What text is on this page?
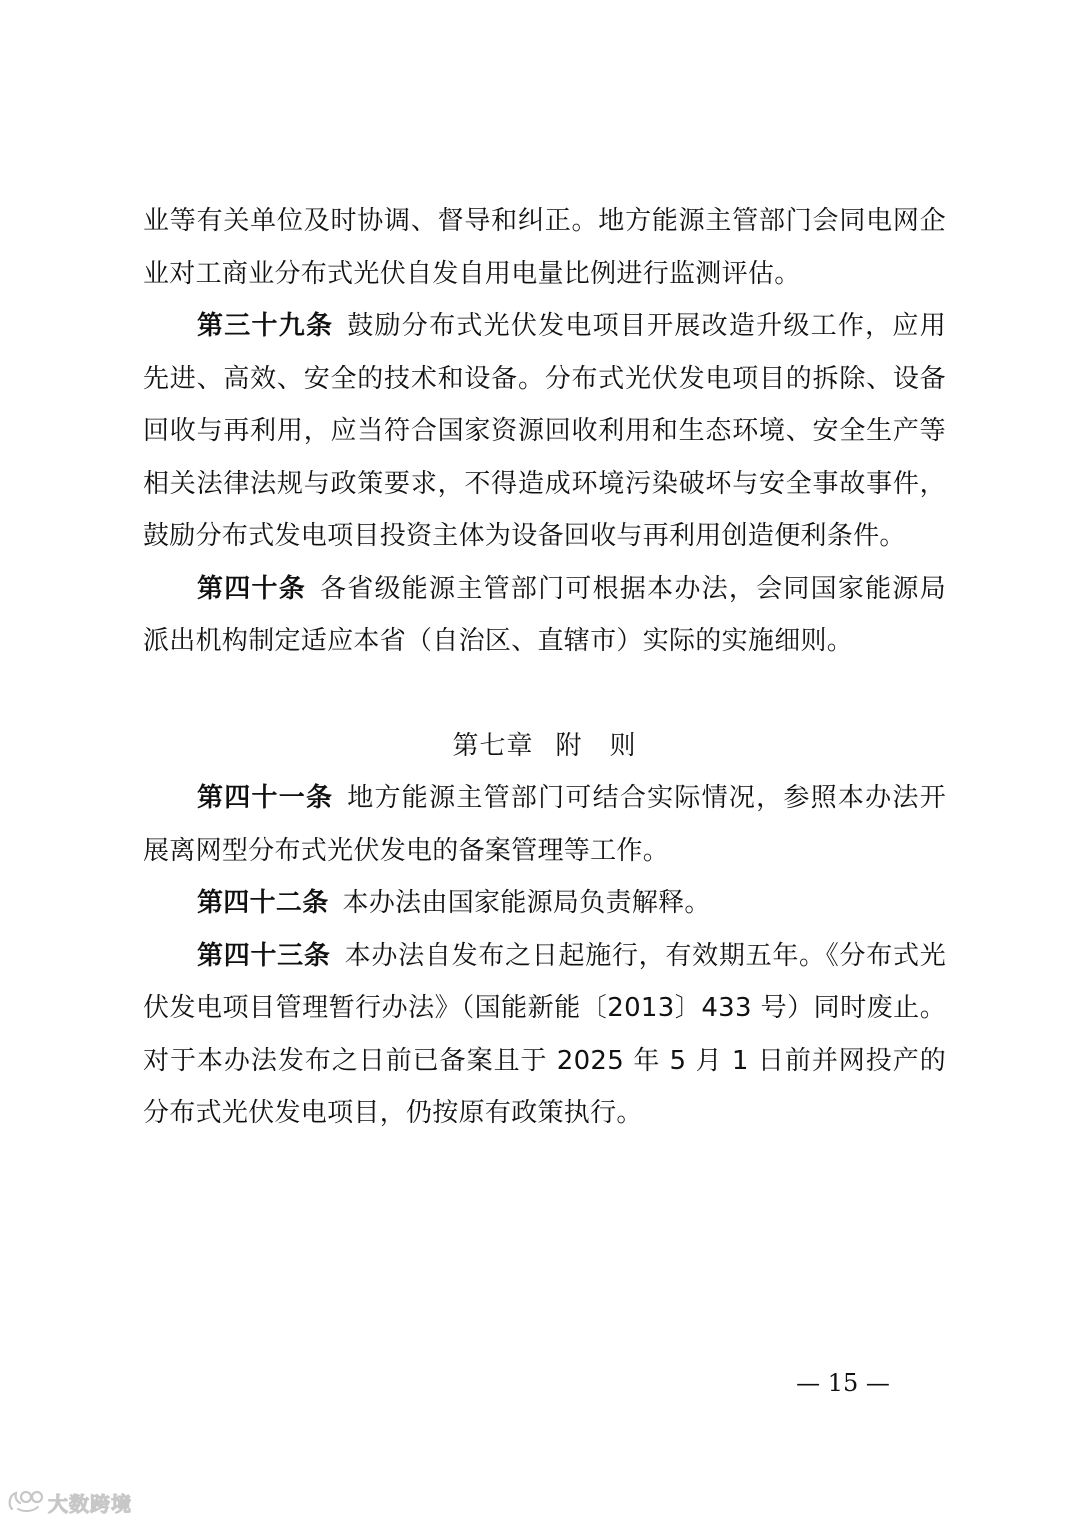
业等有关单位及时协调、督导和纠正。地方能源主管部门会同电网企业对工商业分布式光伏自发自用电量比例进行监测评估。

第三十九条 鼓励分布式光伏发电项目开展改造升级工作，应用先进、高效、安全的技术和设备。分布式光伏发电项目的拆除、设备回收与再利用，应当符合国家资源回收利用和生态环境、安全生产等相关法律法规与政策要求，不得造成环境污染破坏与安全事故事件，鼓励分布式发电项目投资主体为设备回收与再利用创造便利条件。

第四十条 各省级能源主管部门可根据本办法，会同国家能源局派出机构制定适应本省（自治区、直辖市）实际的实施细则。

第七章 附　则

第四十一条 地方能源主管部门可结合实际情况，参照本办法开展离网型分布式光伏发电的备案管理等工作。

第四十二条 本办法由国家能源局负责解释。

第四十三条 本办法自发布之日起施行，有效期五年。《分布式光伏发电项目管理暂行办法》（国能新能〔2013〕433 号）同时废止。对于本办法发布之日前已备案且于 2025 年 5 月 1 日前并网投产的分布式光伏发电项目，仍按原有政策执行。

— 15 —
大数跨境
